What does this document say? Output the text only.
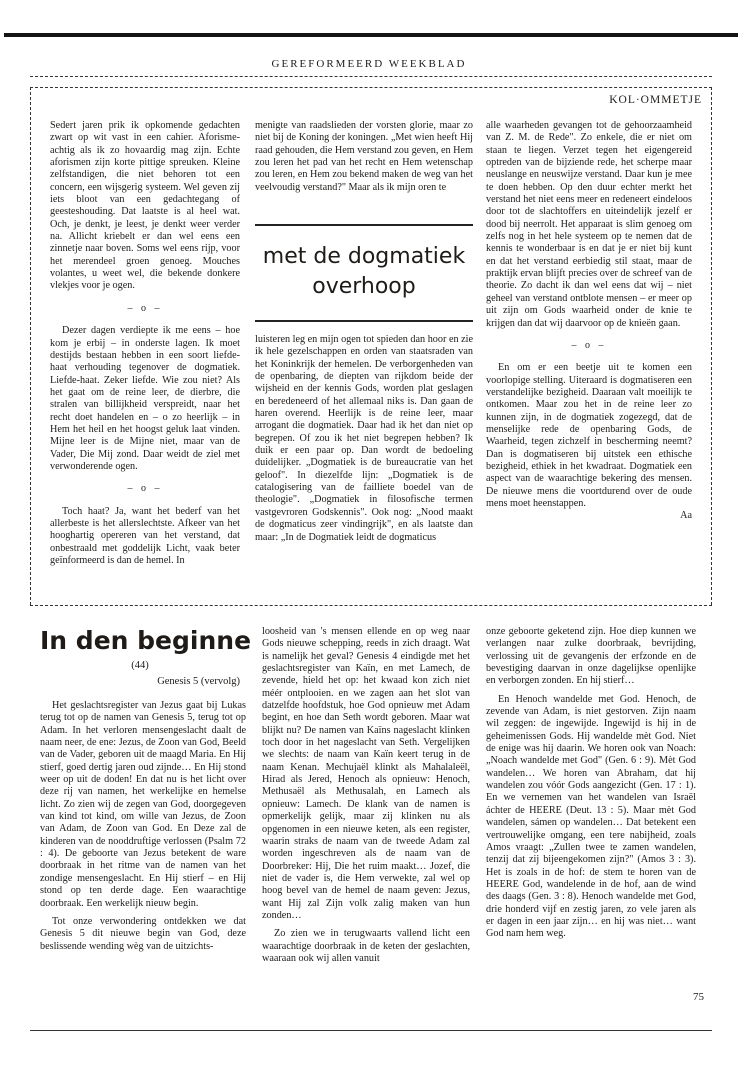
GEREFORMEERD WEEKBLAD
KOL·OMMETJE

Sedert jaren prik ik opkomende gedachten zwart op wit vast in een cahier. Aforisme-achtig als ik zo hovaardig mag zijn. Echte aforismen zijn korte pittige spreuken. Kleine zelfstandigen, die niet behoren tot een concern, een wijsgerig systeem. Wel geven zij iets bloot van een gedachtegang of geesteshouding. Dat laatste is al heel wat. Och, je denkt, je leest, je denkt weer verder na. Allicht kriebelt er dan wel eens een zinnetje naar boven. Soms wel eens rijp, voor het merendeel groen genoeg. Mouches volantes, u weet wel, die bekende donkere vlekjes voor je ogen.

– o –

Dezer dagen verdiepte ik me eens – hoe kom je erbij – in onderste lagen. Ik moet destijds bestaan hebben in een soort liefde-haat verhouding tegenover de dogmatiek. Liefde-haat. Zeker liefde. Wie zou niet? Als het gaat om de reine leer, de dierbre, die stralen van billijkheid verspreidt, naar het recht doet handelen en – o zo heerlijk – in Hem het heil en het hoogst geluk laat vinden. Mijne leer is de Mijne niet, maar van de Vader, Die Mij zond. Daar weidt de ziel met verwonderende ogen.

– o –

Toch haat? Ja, want het bederf van het allerbeste is het allerslechtste. Afkeer van het hooghartig opereren van het verstand, dat onbestraald met goddelijk Licht, vaak beter geïnformeerd is dan de hemel. In

menigte van raadslieden der vorsten glorie, maar zo niet bij de Koning der koningen. „Met wien heeft Hij raad gehouden, die Hem verstand zou geven, en Hem zou leren het pad van het recht en Hem wetenschap zou leren, en Hem zou bekend maken de weg van het veelvoudig verstand?" Maar als ik mijn oren te

met de dogmatiek
overhoop

luisteren leg en mijn ogen tot spieden dan hoor en zie ik hele gezelschappen en orden van staatsraden van het Koninkrijk der hemelen. De verborgenheden van de openbaring, de diepten van rijkdom beide der wijsheid en der kennis Gods, worden plat geslagen en beredeneerd of het allemaal niks is. Dan gaan de haren overend. Heerlijk is de reine leer, maar arrogant die dogmatiek. Daar had ik het dan niet op begrepen. Of zou ik het niet begrepen hebben? Ik duik er een paar op. Dan wordt de bedoeling duidelijker. „Dogmatiek is de bureaucratie van het geloof". In diezelfde lijn: „Dogmatiek is de catalogisering van de failliete boedel van de theologie". „Dogmatiek in filosofische termen vastgevroren Godskennis". Ook nog: „Nood maakt de dogmaticus zeer vindingrijk", en als laatste dan maar: „In de Dogmatiek leidt de dogmaticus

alle waarheden gevangen tot de gehoorzaamheid van Z. M. de Rede". Zo enkele, die er niet om staan te liegen. Verzet tegen het eigengereid optreden van de bijziende rede, het scherpe maar neuslange en neuswijze verstand. Daar kun je mee te doen hebben. Op den duur echter merkt het verstand het niet eens meer en redeneert eindeloos door tot de slachtoffers en uiteindelijk jezelf er dood bij neerrolt. Het apparaat is slim genoeg om zelfs nog in het hele systeem op te nemen dat de kennis te wonderbaar is en dat je er niet bij kunt en dat het verstand eerbiedig stil staat, maar de praktijk ervan blijft precies over de schreef van de theorie. Zo dacht ik dan wel eens dat wij – niet geheel van verstand ontblote mensen – er meer op uit zijn om Gods waarheid onder de knie te krijgen dan dat wij daarvoor op de knieën gaan.

– o –

En om er een beetje uit te komen een voorlopige stelling. Uiteraard is dogmatiseren een verstandelijke bezigheid. Daaraan valt moeilijk te ontkomen. Maar zou het in de reine leer zo kunnen zijn, in de dogmatiek zogezegd, dat de menselijke rede de openbaring Gods, de Waarheid, tegen zichzelf in bescherming neemt? Dan is dogmatiseren bij uitstek een ethische bezigheid, ethiek in het kwadraat. Dogmatiek een aspect van de waarachtige bekering des mensen. De nieuwe mens die voortdurend over de oude mens moet heenstappen.

Aa
In den beginne
(44)
Genesis 5 (vervolg)

Het geslachtsregister van Jezus gaat bij Lukas terug tot op de namen van Genesis 5, terug tot op Adam. In het verloren mensengeslacht daalt de naam neer, de ene: Jezus, de Zoon van God, Beeld van de Vader, geboren uit de maagd Maria. En Hij stierf, goed dertig jaren oud zijnde… En Hij stond weer op uit de doden! En dat nu is het licht over deze rij van namen, het werkelijke en hemelse licht. Zo zien wij de zegen van God, doorgegeven van kind tot kind, om wille van Jezus, de Zoon van Adam, de Zoon van God. En Deze zal de kinderen van de nooddruftige verlossen (Psalm 72 : 4). De geboorte van Jezus betekent de ware doorbraak in het ritme van de namen van het zondige mensengeslacht. En Hij stierf – en Hij stond op ten derde dage. Een waarachtige doorbraak. Een werkelijk nieuw begin.

Tot onze verwondering ontdekken we dat Genesis 5 dit nieuwe begin van God, deze beslissende wending wèg van de uitzichts-

loosheid van 's mensen ellende en op weg naar Gods nieuwe schepping, reeds in zich draagt. Wat is namelijk het geval? Genesis 4 eindigde met het geslachtsregister van Kaïn, en met Lamech, de zevende, hield het op: het kwaad kon zich niet méér ontplooien. en we zagen aan het slot van datzelfde hoofdstuk, hoe God opnieuw met Adam begint, en hoe dan Seth wordt geboren. Maar wat blijkt nu? De namen van Kaïns nageslacht klinken toch door in het nageslacht van Seth. Vergelijken we slechts: de naam van Kaïn keert terug in de naam Kenan. Mechujaël klinkt als Mahalaleël, Hirad als Jered, Henoch als opnieuw: Henoch, Methusaël als Methusalah, en Lamech als opnieuw: Lamech. De klank van de namen is opmerkelijk gelijk, maar zij klinken nu als opgenomen in een nieuwe keten, als een register, waarin straks de naam van de tweede Adam zal worden ingeschreven als de naam van de Doorbreker: Hij, Die het ruim maakt… Jozef, die niet de vader is, die Hem verwekte, zal wel op hoog bevel van de hemel de naam geven: Jezus, want Hij zal Zijn volk zalig maken van hun zonden…

Zo zien we in terugwaarts vallend licht een waarachtige doorbraak in de keten der geslachten, waaraan ook wij allen vanuit

onze geboorte geketend zijn. Hoe diep kunnen we verlangen naar zulke doorbraak, bevrijding, verlossing uit de gevangenis der erfzonde en de bevestiging daarvan in onze dagelijkse openlijke en verborgen zonden. En hij stierf…

En Henoch wandelde met God. Henoch, de zevende van Adam, is niet gestorven. Zijn naam wil zeggen: de ingewijde. Ingewijd is hij in de geheimenissen Gods. Hij wandelde mèt God. Niet de enige was hij daarin. We horen ook van Noach: „Noach wandelde met God" (Gen. 6 : 9). Mèt God wandelen… We horen van Abraham, dat hij wandelen zou vóór Gods aangezicht (Gen. 17 : 1). En we vernemen van het wandelen van Israël áchter de HEERE (Deut. 13 : 5). Maar mèt God wandelen, sámen op wandelen… Dat betekent een vertrouwelijke omgang, een tere nabijheid, zoals Amos vraagt: „Zullen twee te zamen wandelen, tenzij dat zij bijeengekomen zijn?" (Amos 3 : 3). Het is zoals in de hof: de stem te horen van de HEERE God, wandelende in de hof, aan de wind des daags (Gen. 3 : 8). Henoch wandelde met God, drie honderd vijf en zestig jaren, zo vele jaren als er dagen in een jaar zijn… en hij was niet… want God nam hem weg.

75
